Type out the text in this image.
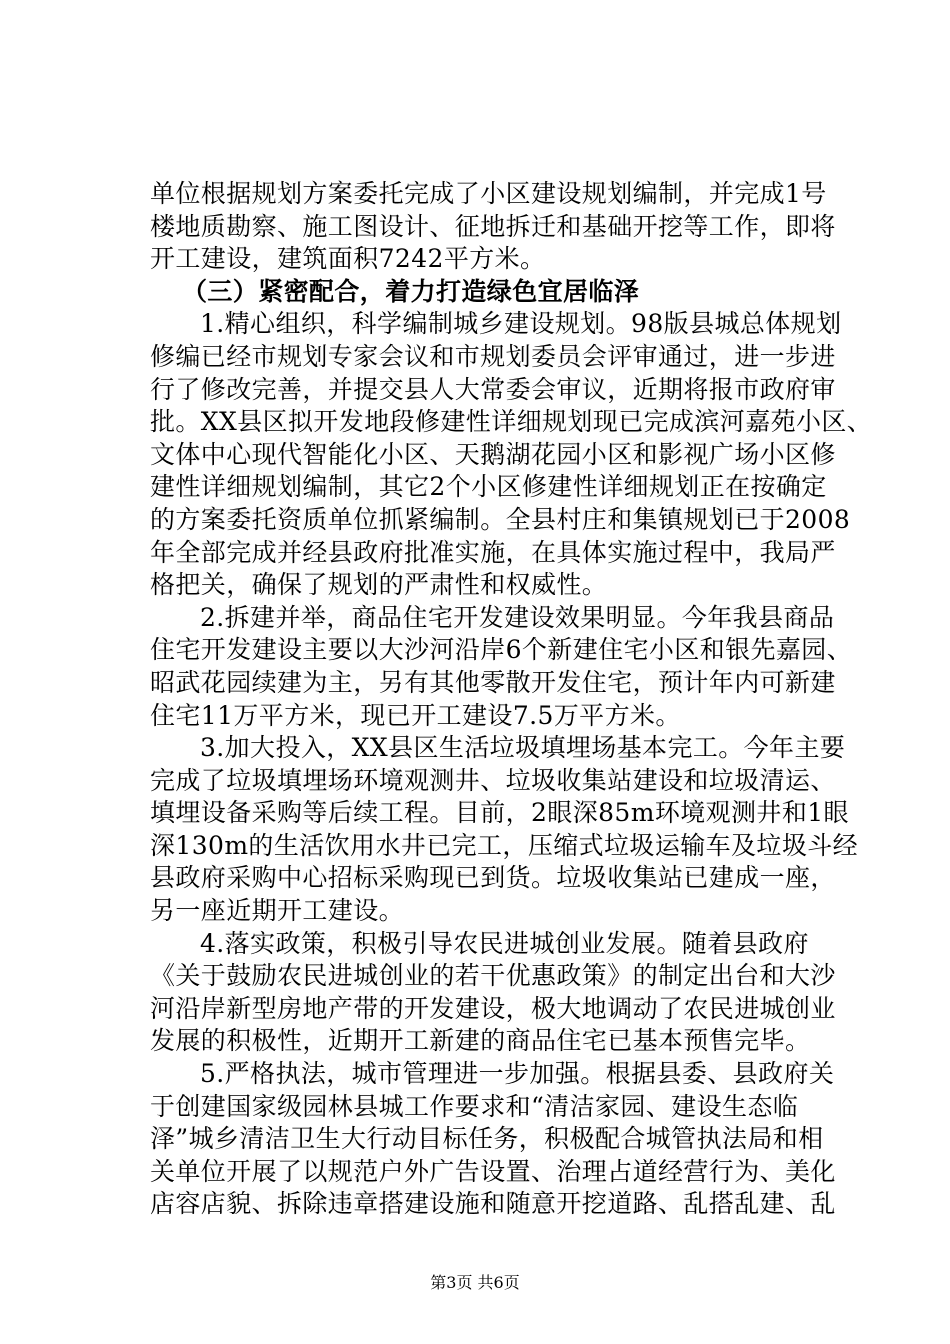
单位根据规划方案委托完成了小区建设规划编制，并完成1号
楼地质勘察、施工图设计、征地拆迁和基础开挖等工作，即将
开工建设，建筑面积7242平方米。
（三）紧密配合，着力打造绿色宜居临泽
1.精心组织，科学编制城乡建设规划。98版县城总体规划
修编已经市规划专家会议和市规划委员会评审通过，进一步进
行了修改完善，并提交县人大常委会审议，近期将报市政府审
批。XX县区拟开发地段修建性详细规划现已完成滨河嘉苑小区、
文体中心现代智能化小区、天鹅湖花园小区和影视广场小区修
建性详细规划编制，其它2个小区修建性详细规划正在按确定
的方案委托资质单位抓紧编制。全县村庄和集镇规划已于2008
年全部完成并经县政府批准实施，在具体实施过程中，我局严
格把关，确保了规划的严肃性和权威性。
2.拆建并举，商品住宅开发建设效果明显。今年我县商品
住宅开发建设主要以大沙河沿岸6个新建住宅小区和银先嘉园、
昭武花园续建为主，另有其他零散开发住宅，预计年内可新建
住宅11万平方米，现已开工建设7.5万平方米。
3.加大投入，XX县区生活垃圾填埋场基本完工。今年主要
完成了垃圾填埋场环境观测井、垃圾收集站建设和垃圾清运、
填埋设备采购等后续工程。目前，2眼深85m环境观测井和1眼
深130m的生活饮用水井已完工，压缩式垃圾运输车及垃圾斗经
县政府采购中心招标采购现已到货。垃圾收集站已建成一座，
另一座近期开工建设。
4.落实政策，积极引导农民进城创业发展。随着县政府
《关于鼓励农民进城创业的若干优惠政策》的制定出台和大沙
河沿岸新型房地产带的开发建设，极大地调动了农民进城创业
发展的积极性，近期开工新建的商品住宅已基本预售完毕。
5.严格执法，城市管理进一步加强。根据县委、县政府关
于创建国家级园林县城工作要求和“清洁家园、建设生态临
泽”城乡清洁卫生大行动目标任务，积极配合城管执法局和相
关单位开展了以规范户外广告设置、治理占道经营行为、美化
店容店貌、拆除违章搭建设施和随意开挖道路、乱搭乱建、乱
第3页 共6页
